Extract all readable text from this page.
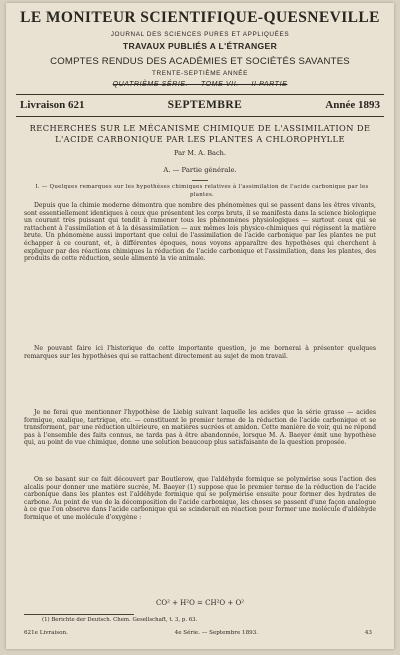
LE MONITEUR SCIENTIFIQUE-QUESNEVILLE
JOURNAL DES SCIENCES PURES ET APPLIQUÉES
TRAVAUX PUBLIÉS A L'ÉTRANGER
COMPTES RENDUS DES ACADÉMIES ET SOCIÉTÉS SAVANTES
TRENTE-SEPTIÈME ANNÉE
QUATRIÈME SÉRIE. — TOME VII. — II PARTIE
Livraison 621	SEPTEMBRE	Année 1893
RECHERCHES SUR LE MÉCANISME CHIMIQUE DE L'ASSIMILATION DE L'ACIDE CARBONIQUE PAR LES PLANTES A CHLOROPHYLLE
Par M. A. Bach.
A. — Partie générale.
I. — Quelques remarques sur les hypothèses chimiques relatives à l'assimilation de l'acide carbonique par les plantes.

Depuis que la chimie moderne démontra que nombre des phénomènes qui se passent dans les êtres vivants, sont essentiellement identiques à ceux que présentent les corps bruts, il se manifesta dans la science biologique un courant très puissant qui tendit à ramener tous les phénomènes physiologiques — surtout ceux qui se rattachent à l'assimilation et à la désassimilation — aux mêmes lois physico-chimiques qui régissent la matière brute. Un phénomène aussi important que celui de l'assimilation de l'acide carbonique par les plantes ne put échapper à ce courant, et, à différentes époques, nous voyons apparaître des hypothèses qui cherchent à expliquer par des réactions chimiques la réduction de l'acide carbonique et l'assimilation, dans les plantes, des produits de cette réduction, seule alimenté la vie animale.

Ne pouvant faire ici l'historique de cette importante question, je me bornerai à présenter quelques remarques sur les hypothèses qui se rattachent directement au sujet de mon travail.

Je ne ferai que mentionner l'hypothèse de Liebig suivant laquelle les acides que la série grasse — acides formique, oxalique, tartrique, etc. — constituent le premier terme de la réduction de l'acide carbonique et se transforment, par une réduction ultérieure, en matières sucrées et amidon. Cette manière de voir, qui ne répond pas à l'ensemble des faits connus, ne tarda pas à être abandonnée, lorsque M. A. Baeyer émit une hypothèse qui, au point de vue chimique, donne une solution beaucoup plus satisfaisante de la question proposée.

On se basant sur ce fait découvert par Boutlerow, que l'aldéhyde formique se polymérise sous l'action des alcalis pour donner une matière sucrée, M. Baeyer (1) suppose que le premier terme de la réduction de l'acide carbonique dans les plantes est l'aldéhyde formique qui se polymérise ensuite pour former des hydrates de carbone. Au point de vue de la décomposition de l'acide carbonique, les choses se passent d'une façon analogue à ce que l'on observe dans l'acide carbonique qui se scinderait en réaction pour former une molécule d'aldéhyde formique et une molécule d'oxygène :

CO² + H²O = CH²O + O²
(1) Berichte der Deutsch. Chem. Gesellschaft, t. 3, p. 63.
621e Livraison.	4e Série. — Septembre 1893.	43
